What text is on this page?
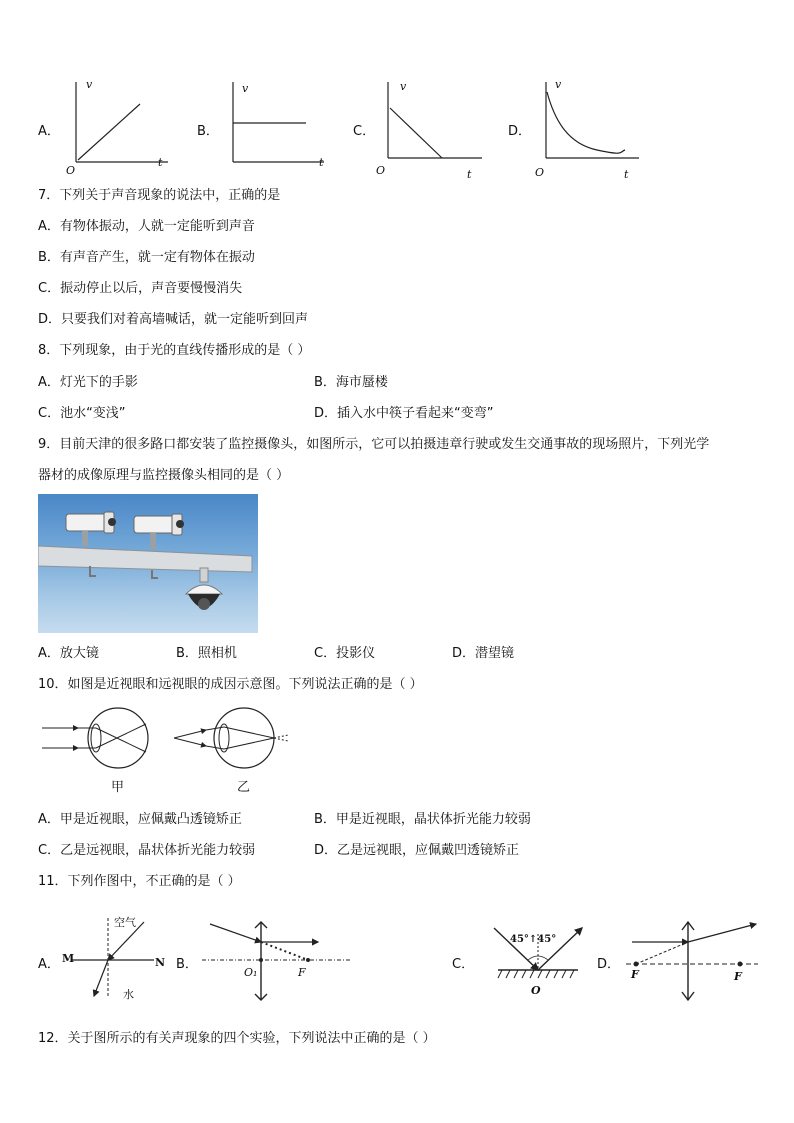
A．
v
O
t
B．
v
t
C．
v
O	t
D．
v
O	t
7．下列关于声音现象的说法中，正确的是
A．有物体振动，人就一定能听到声音
B．有声音产生，就一定有物体在振动
C．振动停止以后，声音要慢慢消失
D．只要我们对着高墙喊话，就一定能听到回声
8．下列现象，由于光的直线传播形成的是（ ）
A．灯光下的手影	B．海市蜃楼
C．池水“变浅”	D．插入水中筷子看起来“变弯”
9．目前天津的很多路口都安装了监控摄像头，如图所示，它可以拍摄违章行驶或发生交通事故的现场照片，下列光学
器材的成像原理与监控摄像头相同的是（ ）
A．放大镜	B．照相机	C．投影仪	D．潜望镜
10．如图是近视眼和远视眼的成因示意图。下列说法正确的是（ ）
甲	乙
A．甲是近视眼，应佩戴凸透镜矫正	B．甲是近视眼，晶状体折光能力较弱
C．乙是远视眼，晶状体折光能力较弱	D．乙是远视眼，应佩戴凹透镜矫正
11．下列作图中，不正确的是（ ）
A． M	N
空气
水
B．
O₁	F
C．
45°↑45°
O
D．
F	F
12．关于图所示的有关声现象的四个实验，下列说法中正确的是（ ）
